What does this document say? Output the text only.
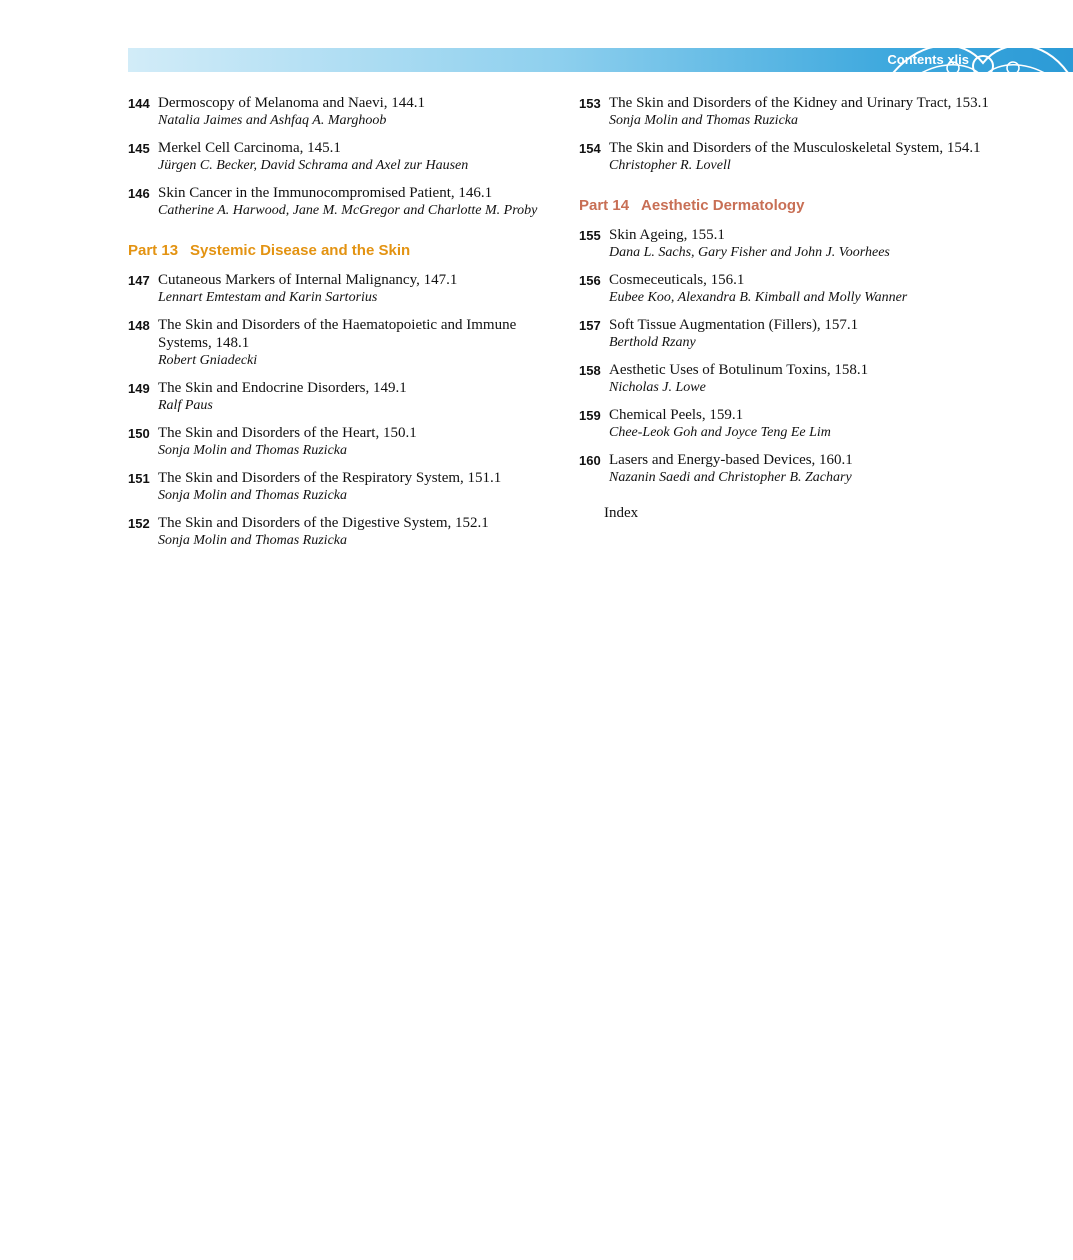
Contents xlis
144 Dermoscopy of Melanoma and Naevi, 144.1
Natalia Jaimes and Ashfaq A. Marghoob
145 Merkel Cell Carcinoma, 145.1
Jürgen C. Becker, David Schrama and Axel zur Hausen
146 Skin Cancer in the Immunocompromised Patient, 146.1
Catherine A. Harwood, Jane M. McGregor and Charlotte M. Proby
Part 13 Systemic Disease and the Skin
147 Cutaneous Markers of Internal Malignancy, 147.1
Lennart Emtestam and Karin Sartorius
148 The Skin and Disorders of the Haematopoietic and Immune Systems, 148.1
Robert Gniadecki
149 The Skin and Endocrine Disorders, 149.1
Ralf Paus
150 The Skin and Disorders of the Heart, 150.1
Sonja Molin and Thomas Ruzicka
151 The Skin and Disorders of the Respiratory System, 151.1
Sonja Molin and Thomas Ruzicka
152 The Skin and Disorders of the Digestive System, 152.1
Sonja Molin and Thomas Ruzicka
153 The Skin and Disorders of the Kidney and Urinary Tract, 153.1
Sonja Molin and Thomas Ruzicka
154 The Skin and Disorders of the Musculoskeletal System, 154.1
Christopher R. Lovell
Part 14 Aesthetic Dermatology
155 Skin Ageing, 155.1
Dana L. Sachs, Gary Fisher and John J. Voorhees
156 Cosmeceuticals, 156.1
Eubee Koo, Alexandra B. Kimball and Molly Wanner
157 Soft Tissue Augmentation (Fillers), 157.1
Berthold Rzany
158 Aesthetic Uses of Botulinum Toxins, 158.1
Nicholas J. Lowe
159 Chemical Peels, 159.1
Chee-Leok Goh and Joyce Teng Ee Lim
160 Lasers and Energy-based Devices, 160.1
Nazanin Saedi and Christopher B. Zachary
Index
